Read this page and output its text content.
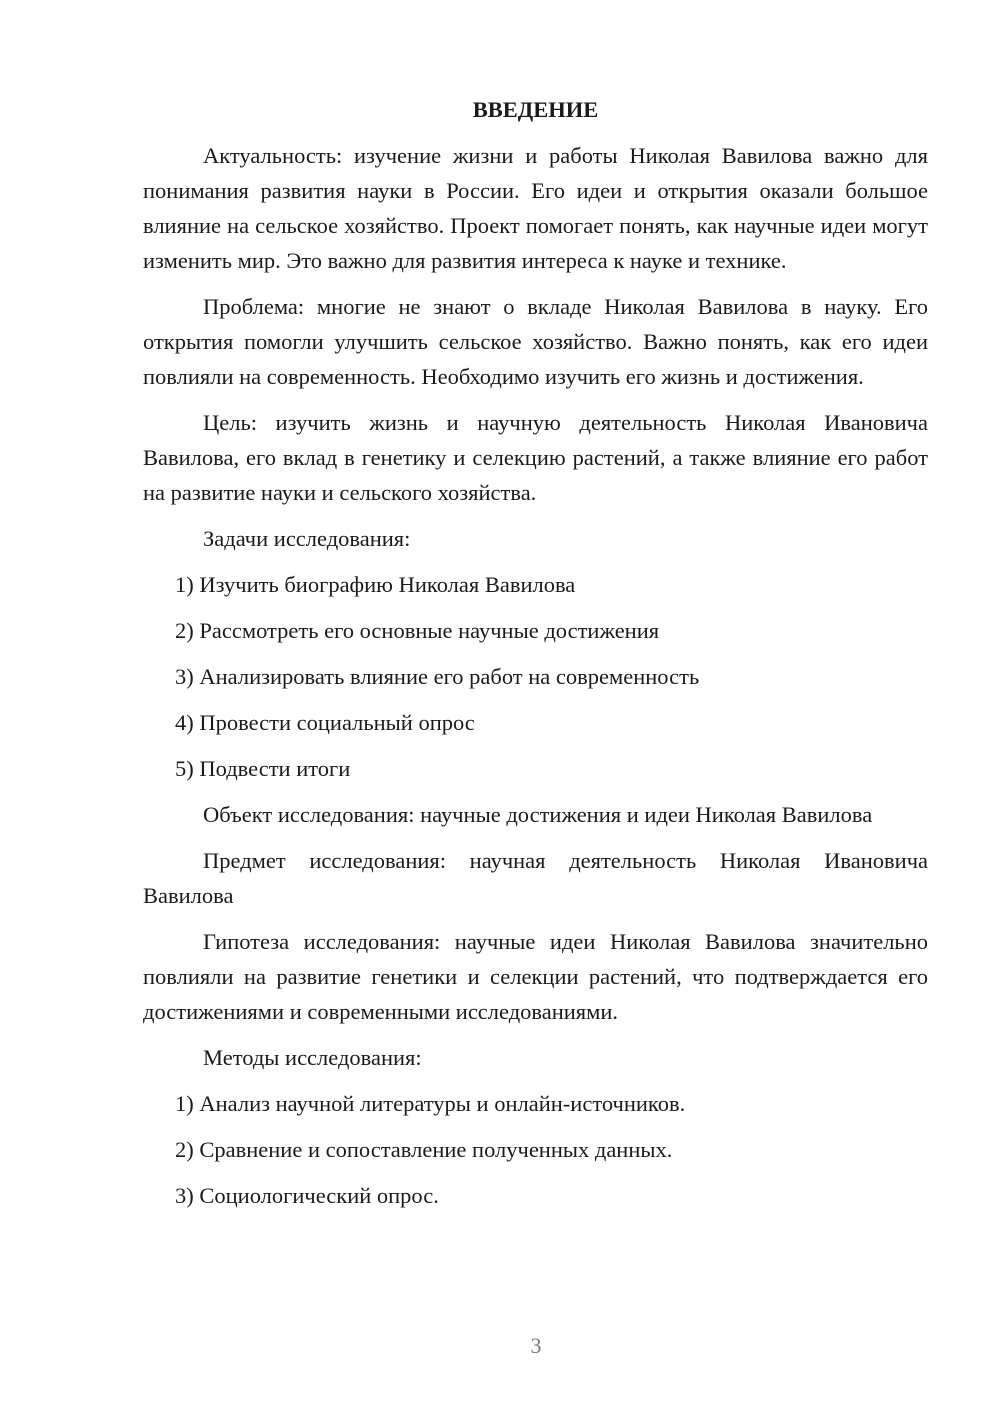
ВВЕДЕНИЕ

Актуальность: изучение жизни и работы Николая Вавилова важно для понимания развития науки в России. Его идеи и открытия оказали большое влияние на сельское хозяйство. Проект помогает понять, как научные идеи могут изменить мир. Это важно для развития интереса к науке и технике.

Проблема: многие не знают о вкладе Николая Вавилова в науку. Его открытия помогли улучшить сельское хозяйство. Важно понять, как его идеи повлияли на современность. Необходимо изучить его жизнь и достижения.

Цель: изучить жизнь и научную деятельность Николая Ивановича Вавилова, его вклад в генетику и селекцию растений, а также влияние его работ на развитие науки и сельского хозяйства.

Задачи исследования:

1) Изучить биографию Николая Вавилова
2) Рассмотреть его основные научные достижения
3) Анализировать влияние его работ на современность
4) Провести социальный опрос
5) Подвести итоги

Объект исследования: научные достижения и идеи Николая Вавилова

Предмет исследования: научная деятельность Николая Ивановича Вавилова

Гипотеза исследования: научные идеи Николая Вавилова значительно повлияли на развитие генетики и селекции растений, что подтверждается его достижениями и современными исследованиями.

Методы исследования:

1) Анализ научной литературы и онлайн-источников.
2) Сравнение и сопоставление полученных данных.
3) Социологический опрос.
3
